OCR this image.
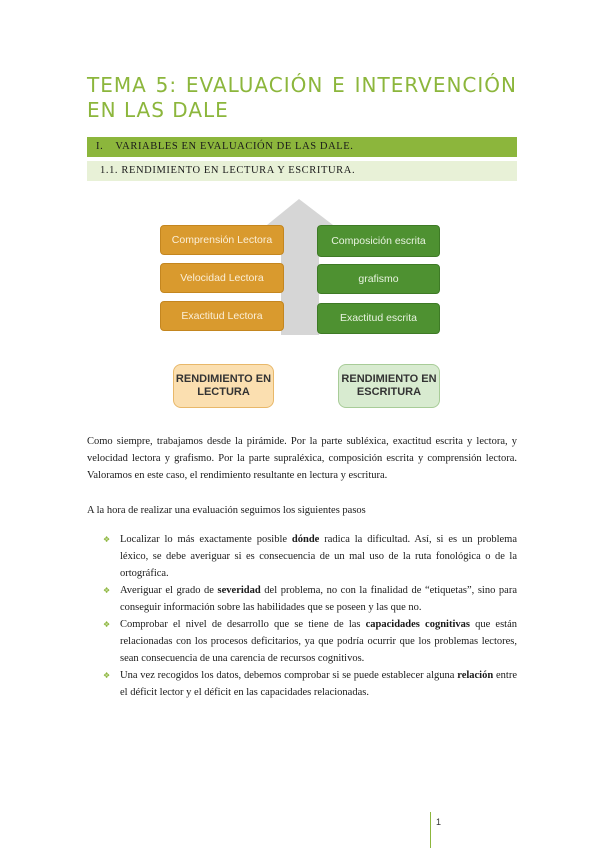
TEMA 5: EVALUACIÓN E INTERVENCIÓN
EN LAS DALE
I. VARIABLES EN EVALUACIÓN DE LAS DALE.
1.1. RENDIMIENTO EN LECTURA Y ESCRITURA.
Comprensión Lectora
Velocidad Lectora
Exactitud Lectora
Composición escrita
grafismo
Exactitud escrita
RENDIMIENTO EN LECTURA
RENDIMIENTO EN ESCRITURA

Como siempre, trabajamos desde la pirámide. Por la parte subléxica, exactitud escrita y lectora, y velocidad lectora y grafismo. Por la parte supraléxica, composición escrita y comprensión lectora. Valoramos en este caso, el rendimiento resultante en lectura y escritura.

A la hora de realizar una evaluación seguimos los siguientes pasos

❖ Localizar lo más exactamente posible dónde radica la dificultad. Así, si es un problema léxico, se debe averiguar si es consecuencia de un mal uso de la ruta fonológica o de la ortográfica.
❖ Averiguar el grado de severidad del problema, no con la finalidad de “etiquetas”, sino para conseguir información sobre las habilidades que se poseen y las que no.
❖ Comprobar el nivel de desarrollo que se tiene de las capacidades cognitivas que están relacionadas con los procesos deficitarios, ya que podría ocurrir que los problemas lectores, sean consecuencia de una carencia de recursos cognitivos.
❖ Una vez recogidos los datos, debemos comprobar si se puede establecer alguna relación entre el déficit lector y el déficit en las capacidades relacionadas.
1
